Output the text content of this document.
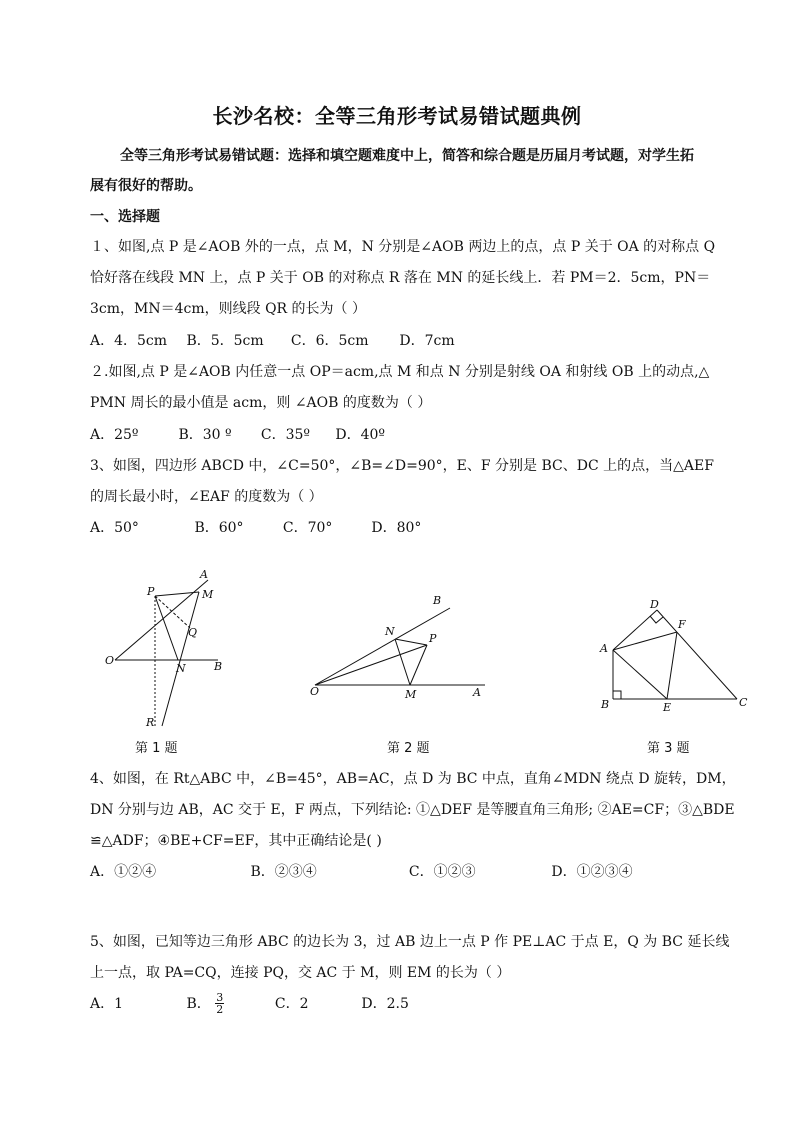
长沙名校：全等三角形考试易错试题典例
全等三角形考试易错试题：选择和填空题难度中上，简答和综合题是历届月考试题，对学生拓
展有很好的帮助。
一、选择题
１、如图,点 P 是∠AOB 外的一点，点 M，N 分别是∠AOB 两边上的点，点 P 关于 OA 的对称点 Q
恰好落在线段 MN 上，点 P 关于 OB 的对称点 R 落在 MN 的延长线上．若 PM＝2．5cm，PN＝
3cm，MN＝4cm，则线段 QR 的长为（ ）
A．4．5cm B．5．5cm C．6．5cm D．7cm
２.如图,点 P 是∠AOB 内任意一点 OP＝acm,点 M 和点 N 分别是射线 OA 和射线 OB 上的动点,△
PMN 周长的最小值是 acm，则 ∠AOB 的度数为（ ）
A．25º	B．30 º C．35º D．40º
3、如图，四边形 ABCD 中，∠C=50°，∠B=∠D=90°，E、F 分别是 BC、DC 上的点，当△AEF
的周长最小时，∠EAF 的度数为（ ）
A．50°	B．60°	C．70°	D．80°
A
M
P
Q
O
N	B
R
第 1 题
B
N
P
O	M	A
第 2 题
D
F
A
B	E	C
第 3 题
4、如图，在 Rt△ABC 中，∠B=45°，AB=AC，点 D 为 BC 中点，直角∠MDN 绕点 D 旋转，DM，
DN 分别与边 AB，AC 交于 E，F 两点，下列结论: ①△DEF 是等腰直角三角形; ②AE=CF；③△BDE
≌△ADF；④BE+CF=EF，其中正确结论是( )
A．①②④	B．②③④	C．①②③	D．①②③④
5、如图，已知等边三角形 ABC 的边长为 3，过 AB 边上一点 P 作 PE⊥AC 于点 E，Q 为 BC 延长线
上一点，取 PA=CQ，连接 PQ，交 AC 于 M，则 EM 的长为（ ）
A．1	B． $\frac{3}{2}$	C．2	D．2.5
